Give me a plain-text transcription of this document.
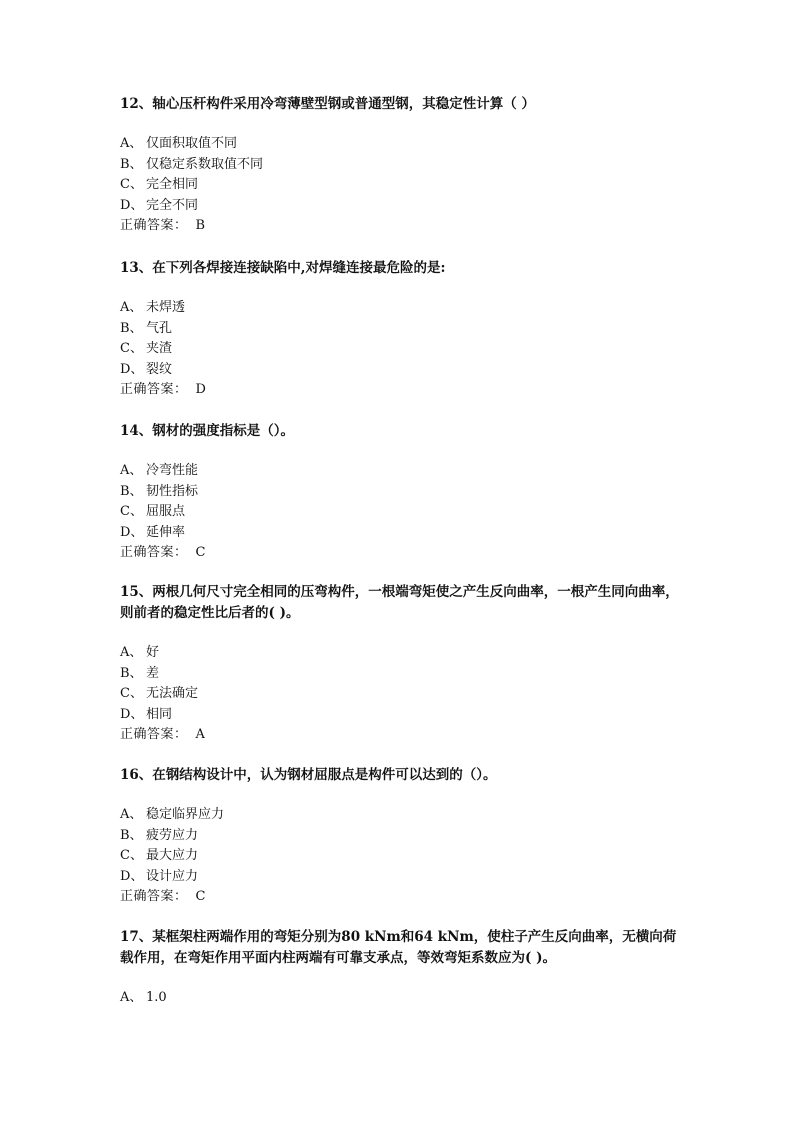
12、轴心压杆构件采用冷弯薄壁型钢或普通型钢，其稳定性计算（ ）

A、 仅面积取值不同
B、 仅稳定系数取值不同
C、 完全相同
D、 完全不同
正确答案： B

13、在下列各焊接连接缺陷中,对焊缝连接最危险的是:

A、 未焊透
B、 气孔
C、 夹渣
D、 裂纹
正确答案： D

14、钢材的强度指标是（）。

A、 冷弯性能
B、 韧性指标
C、 屈服点
D、 延伸率
正确答案： C

15、两根几何尺寸完全相同的压弯构件，一根端弯矩使之产生反向曲率，一根产生同向曲率，则前者的稳定性比后者的( )。

A、 好
B、 差
C、 无法确定
D、 相同
正确答案： A

16、在钢结构设计中，认为钢材屈服点是构件可以达到的（）。

A、 稳定临界应力
B、 疲劳应力
C、 最大应力
D、 设计应力
正确答案： C

17、某框架柱两端作用的弯矩分别为80 kNm和64 kNm，使柱子产生反向曲率，无横向荷载作用，在弯矩作用平面内柱两端有可靠支承点，等效弯矩系数应为( )。

A、 1.0
